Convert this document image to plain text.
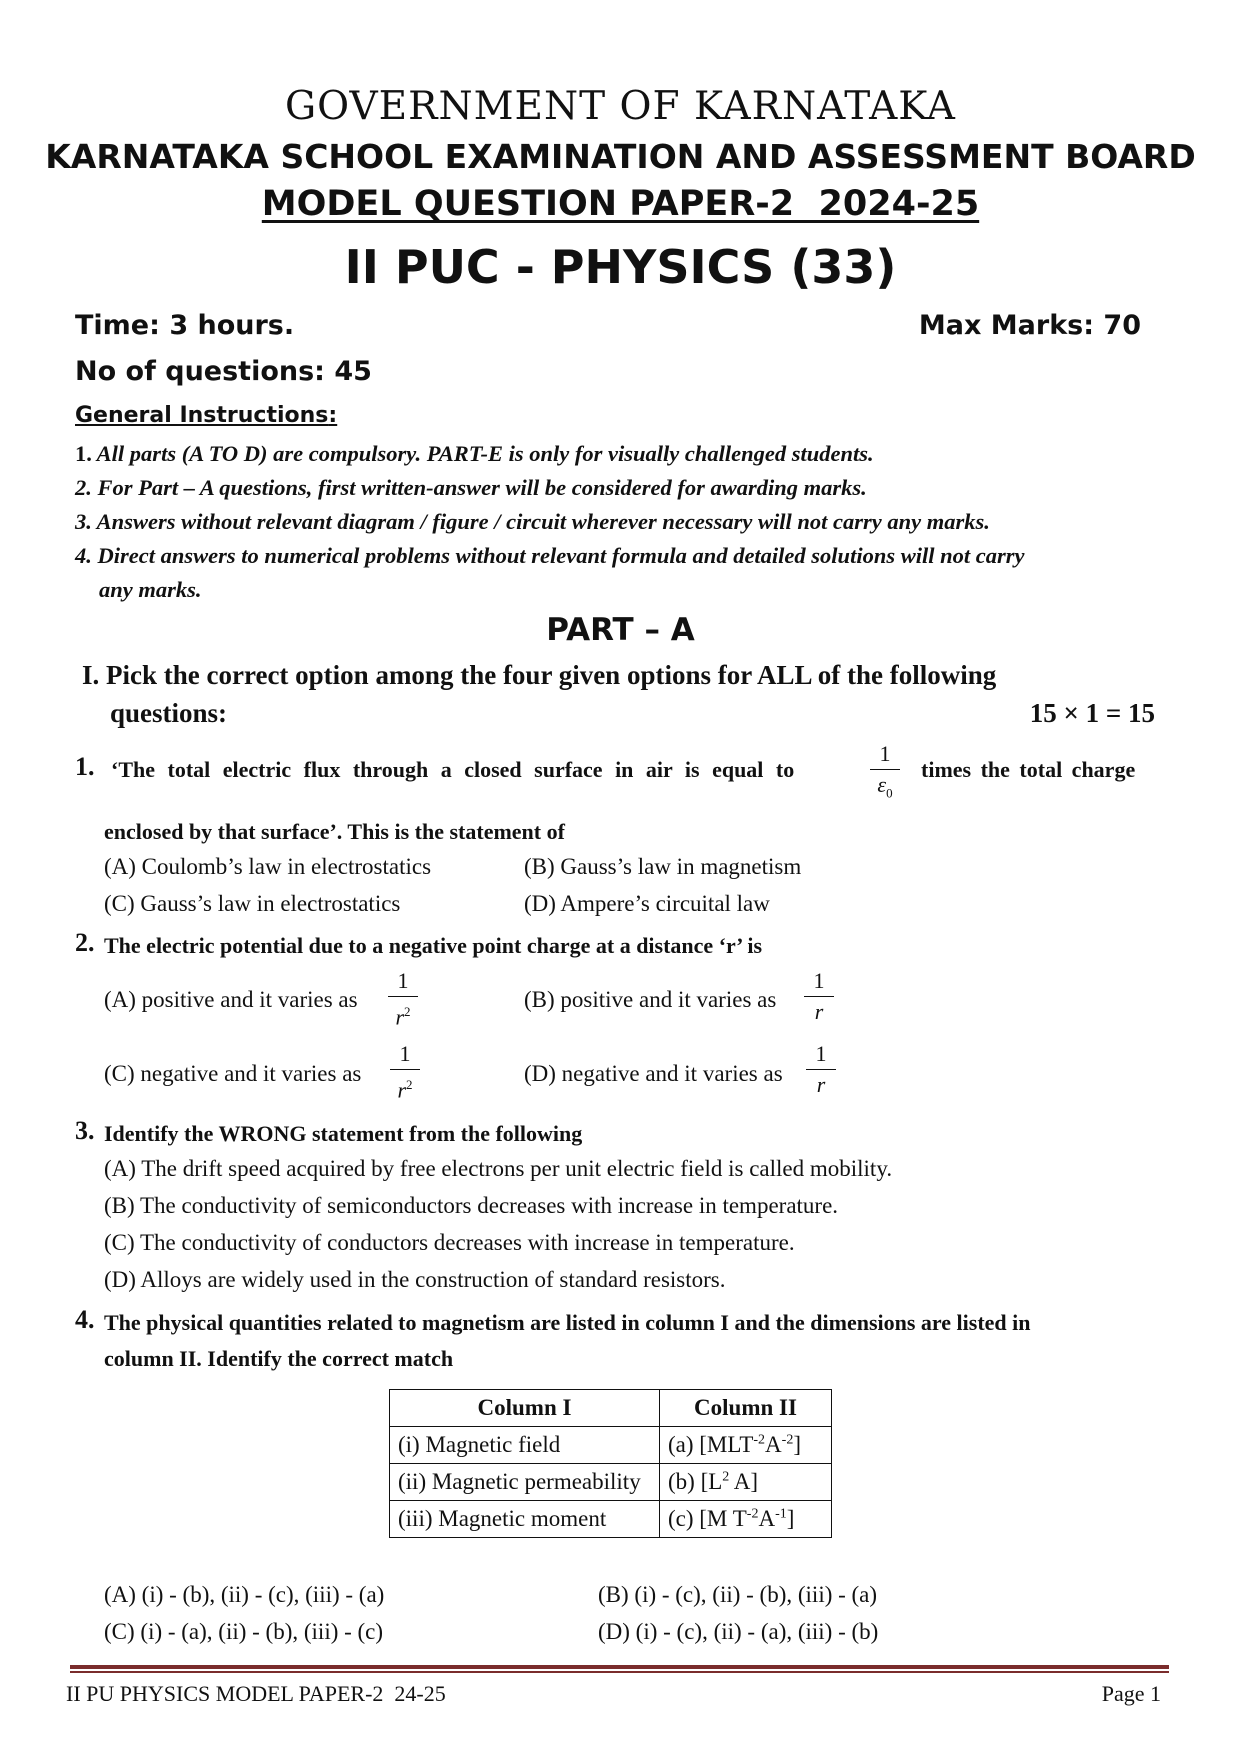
GOVERNMENT OF KARNATAKA
KARNATAKA SCHOOL EXAMINATION AND ASSESSMENT BOARD
MODEL QUESTION PAPER-2  2024-25
II PUC - PHYSICS (33)
Time: 3 hours.	Max Marks: 70
No of questions: 45
General Instructions:
1. All parts (A TO D) are compulsory. PART-E is only for visually challenged students.
2. For Part – A questions, first written-answer will be considered for awarding marks.
3. Answers without relevant diagram / figure / circuit wherever necessary will not carry any marks.
4. Direct answers to numerical problems without relevant formula and detailed solutions will not carry
any marks.
PART – A
I. Pick the correct option among the four given options for ALL of the following
questions:	15 × 1 = 15
1. ‘The total electric flux through a closed surface in air is equal to
1
$\varepsilon_0$
times the total charge
enclosed by that surface’. This is the statement of
(A) Coulomb’s law in electrostatics	(B) Gauss’s law in magnetism
(C) Gauss’s law in electrostatics	(D) Ampere’s circuital law
2. The electric potential due to a negative point charge at a distance ‘r’ is
(A) positive and it varies as
1
$r^2$	(B) positive and it varies as
1
r
(C) negative and it varies as
1
$r^2$	(D) negative and it varies as
1
r
3. Identify the WRONG statement from the following
(A) The drift speed acquired by free electrons per unit electric field is called mobility.
(B) The conductivity of semiconductors decreases with increase in temperature.
(C) The conductivity of conductors decreases with increase in temperature.
(D) Alloys are widely used in the construction of standard resistors.
4. The physical quantities related to magnetism are listed in column I and the dimensions are listed in
column II. Identify the correct match
Column I	Column II
(i) Magnetic field	(a) $[MLT^{-2}A^{-2}]$
(ii) Magnetic permeability	(b) [$L^2$ A]
(iii) Magnetic moment	(c) [M $T^{-2}A^{-1}$]
(A) (i) - (b), (ii) - (c), (iii) - (a)	(B) (i) - (c), (ii) - (b), (iii) - (a)
(C) (i) - (a), (ii) - (b), (iii) - (c)	(D) (i) - (c), (ii) - (a), (iii) - (b)
II PU PHYSICS MODEL PAPER-2  24-25	Page 1
